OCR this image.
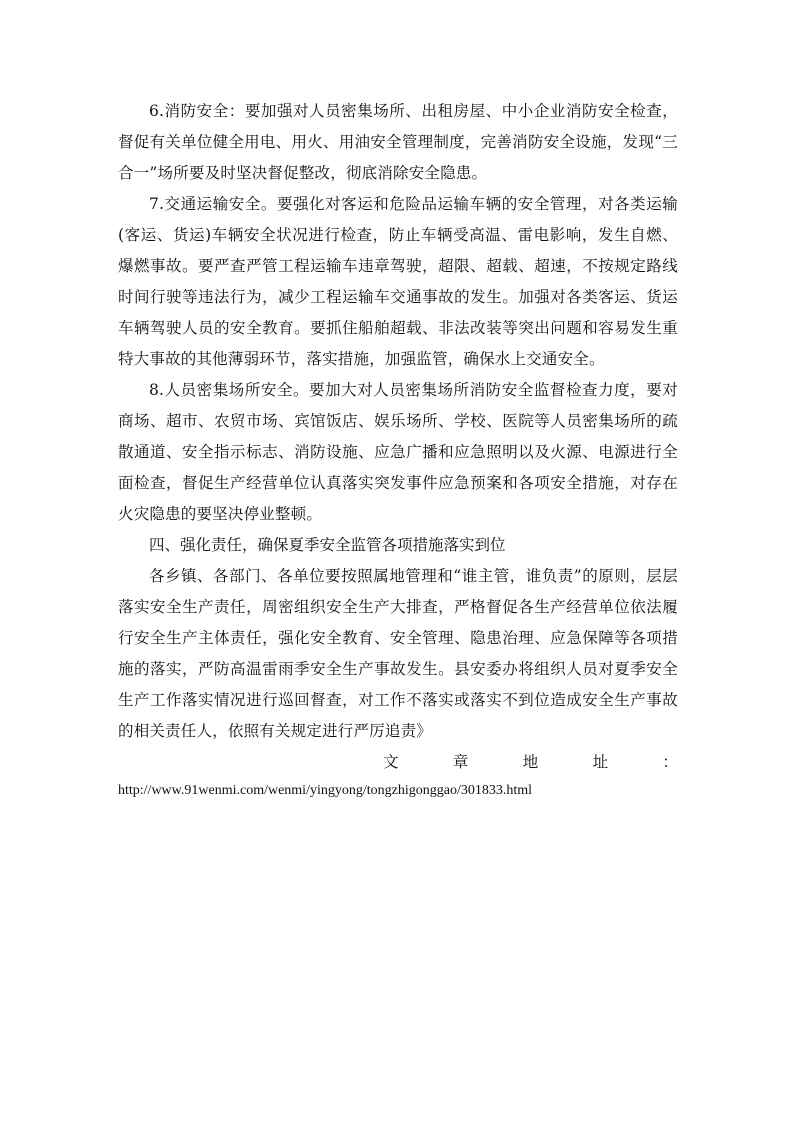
6.消防安全：要加强对人员密集场所、出租房屋、中小企业消防安全检查，督促有关单位健全用电、用火、用油安全管理制度，完善消防安全设施，发现“三合一”场所要及时坚决督促整改，彻底消除安全隐患。

7.交通运输安全。要强化对客运和危险品运输车辆的安全管理，对各类运输(客运、货运)车辆安全状况进行检查，防止车辆受高温、雷电影响，发生自燃、爆燃事故。要严查严管工程运输车违章驾驶，超限、超载、超速，不按规定路线时间行驶等违法行为，减少工程运输车交通事故的发生。加强对各类客运、货运车辆驾驶人员的安全教育。要抓住船舶超载、非法改装等突出问题和容易发生重特大事故的其他薄弱环节，落实措施，加强监管，确保水上交通安全。

8.人员密集场所安全。要加大对人员密集场所消防安全监督检查力度，要对商场、超市、农贸市场、宾馆饭店、娱乐场所、学校、医院等人员密集场所的疏散通道、安全指示标志、消防设施、应急广播和应急照明以及火源、电源进行全面检查，督促生产经营单位认真落实突发事件应急预案和各项安全措施，对存在火灾隐患的要坚决停业整顿。

四、强化责任，确保夏季安全监管各项措施落实到位

各乡镇、各部门、各单位要按照属地管理和“谁主管，谁负责”的原则，层层落实安全生产责任，周密组织安全生产大排查，严格督促各生产经营单位依法履行安全生产主体责任，强化安全教育、安全管理、隐患治理、应急保障等各项措施的落实，严防高温雷雨季安全生产事故发生。县安委办将组织人员对夏季安全生产工作落实情况进行巡回督查，对工作不落实或落实不到位造成安全生产事故的相关责任人，依照有关规定进行严厉追责》

文	章	地	址	：

http://www.91wenmi.com/wenmi/yingyong/tongzhigonggao/301833.html
